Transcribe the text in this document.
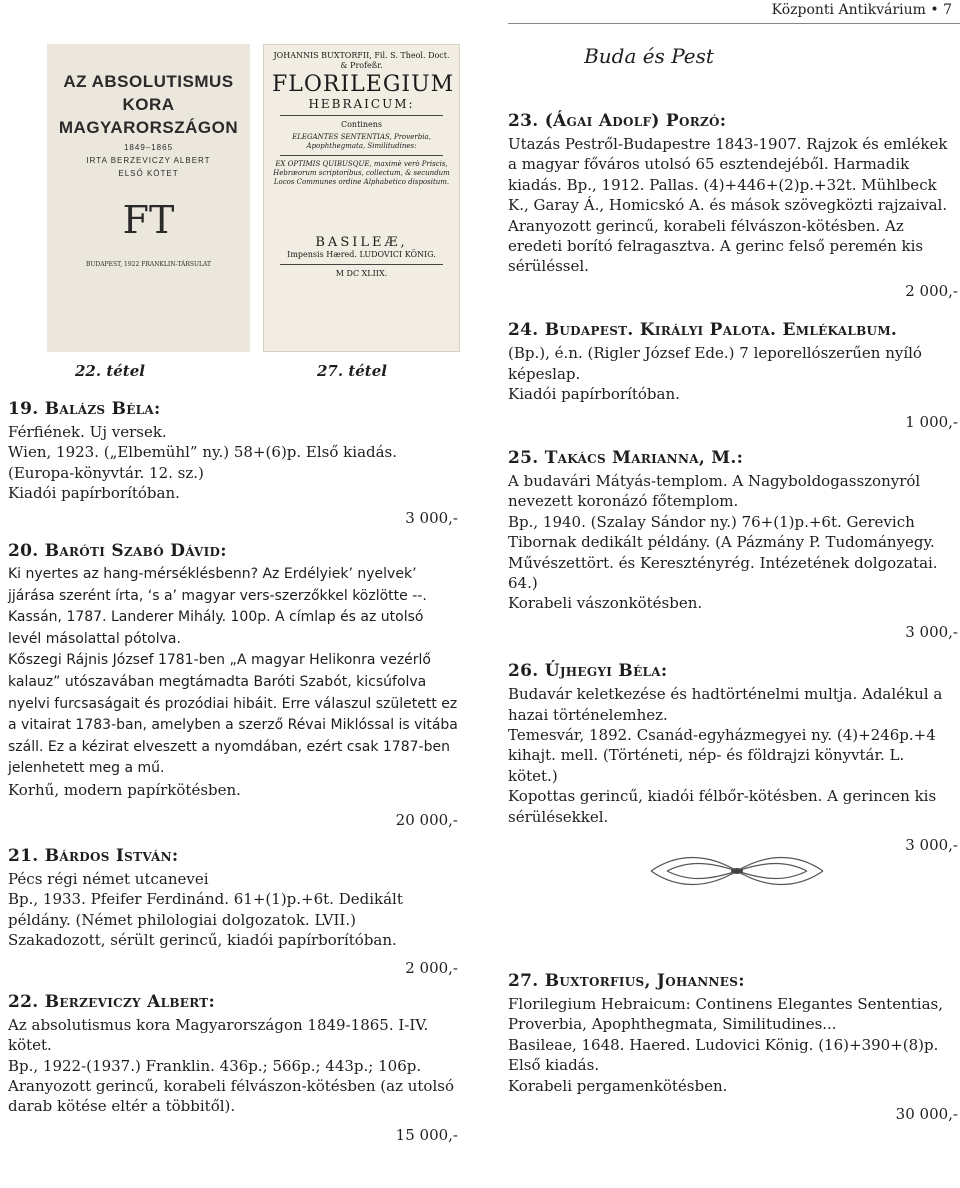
Központi Antikvárium • 7
AZ ABSOLUTISMUS KORA MAGYARORSZÁGON
1849–1865
IRTA BERZEVICZY ALBERT
ELSŐ KÖTET
FT
BUDAPEST, 1922 FRANKLIN-TÁRSULAT
JOHANNIS BUXTORFII, Fil. S. Theol. Doct. & Profeßr.
FLORILEGIUM
HEBRAICUM:
Continens
ELEGANTES SENTENTIAS, Proverbia, Apophthegmata, Similitudines:
EX OPTIMIS QUIBUSQUE, maximè verò Priscis, Hebræorum scriptoribus, collectum, & secundum Locos Communes ordine Alphabetico dispositum.
BASILEÆ,
Impensis Hæred. LUDOVICI KÖNIG.
M DC XLIIX.
22. tétel	27. tétel

19. Balázs Béla:

Férfiének. Uj versek.

Wien, 1923. („Elbemühl” ny.) 58+(6)p. Első kiadás. (Europa-könyvtár. 12. sz.)

Kiadói papírborítóban.

3 000,-

20. Baróti Szabó Dávid:

Ki nyertes az hang-mérséklésbenn? Az Erdélyiek’ nyelvek’ jjárása szerént írta, ‘s a’ magyar vers-szerzőkkel közlötte --. Kassán, 1787. Landerer Mihály. 100p. A címlap és az utolsó levél másolattal pótolva.

Kőszegi Rájnis József 1781-ben „A magyar Helikonra vezérlő kalauz” utószavában megtámadta Baróti Szabót, kicsúfolva nyelvi furcsaságait és prozódiai hibáit. Erre válaszul született ez a vitairat 1783-ban, amelyben a szerző Révai Miklóssal is vitába száll. Ez a kézirat elveszett a nyomdában, ezért csak 1787-ben jelenhetett meg a mű.

Korhű, modern papírkötésben.

20 000,-

21. Bárdos István:

Pécs régi német utcanevei

Bp., 1933. Pfeifer Ferdinánd. 61+(1)p.+6t. Dedikált példány. (Német philologiai dolgozatok. LVII.)

Szakadozott, sérült gerincű, kiadói papírborítóban.

2 000,-

22. Berzeviczy Albert:

Az absolutismus kora Magyarországon 1849-1865. I-IV. kötet.

Bp., 1922-(1937.) Franklin. 436p.; 566p.; 443p.; 106p.

Aranyozott gerincű, korabeli félvászon-kötésben (az utolsó darab kötése eltér a többitől).

15 000,-

Buda és Pest

23. (Ágai Adolf) Porzó:

Utazás Pestről-Budapestre 1843-1907. Rajzok és emlékek a magyar főváros utolsó 65 esztendejéből. Harmadik kiadás. Bp., 1912. Pallas. (4)+446+(2)p.+32t. Mühlbeck K., Garay Á., Homicskó A. és mások szövegközti rajzaival.

Aranyozott gerincű, korabeli félvászon-kötésben. Az eredeti borító felragasztva. A gerinc felső peremén kis sérüléssel.

2 000,-

24. Budapest. Királyi Palota. Emlékalbum.

(Bp.), é.n. (Rigler József Ede.) 7 leporellószerűen nyíló képeslap.

Kiadói papírborítóban.

1 000,-

25. Takács Marianna, M.:

A budavári Mátyás-templom. A Nagyboldogasszonyról nevezett koronázó főtemplom.

Bp., 1940. (Szalay Sándor ny.) 76+(1)p.+6t. Gerevich Tibornak dedikált példány. (A Pázmány P. Tudományegy. Művészettört. és Keresztényrég. Intézetének dolgozatai. 64.)

Korabeli vászonkötésben.

3 000,-

26. Újhegyi Béla:

Budavár keletkezése és hadtörténelmi multja. Adalékul a hazai történelemhez.

Temesvár, 1892. Csanád-egyházmegyei ny. (4)+246p.+4 kihajt. mell. (Történeti, nép- és földrajzi könyvtár. L. kötet.)

Kopottas gerincű, kiadói félbőr-kötésben. A gerincen kis sérülésekkel.

3 000,-

27. Buxtorfius, Johannes:

Florilegium Hebraicum: Continens Elegantes Sententias, Proverbia, Apophthegmata, Similitudines...

Basileae, 1648. Haered. Ludovici König. (16)+390+(8)p. Első kiadás.

Korabeli pergamenkötésben.

30 000,-
